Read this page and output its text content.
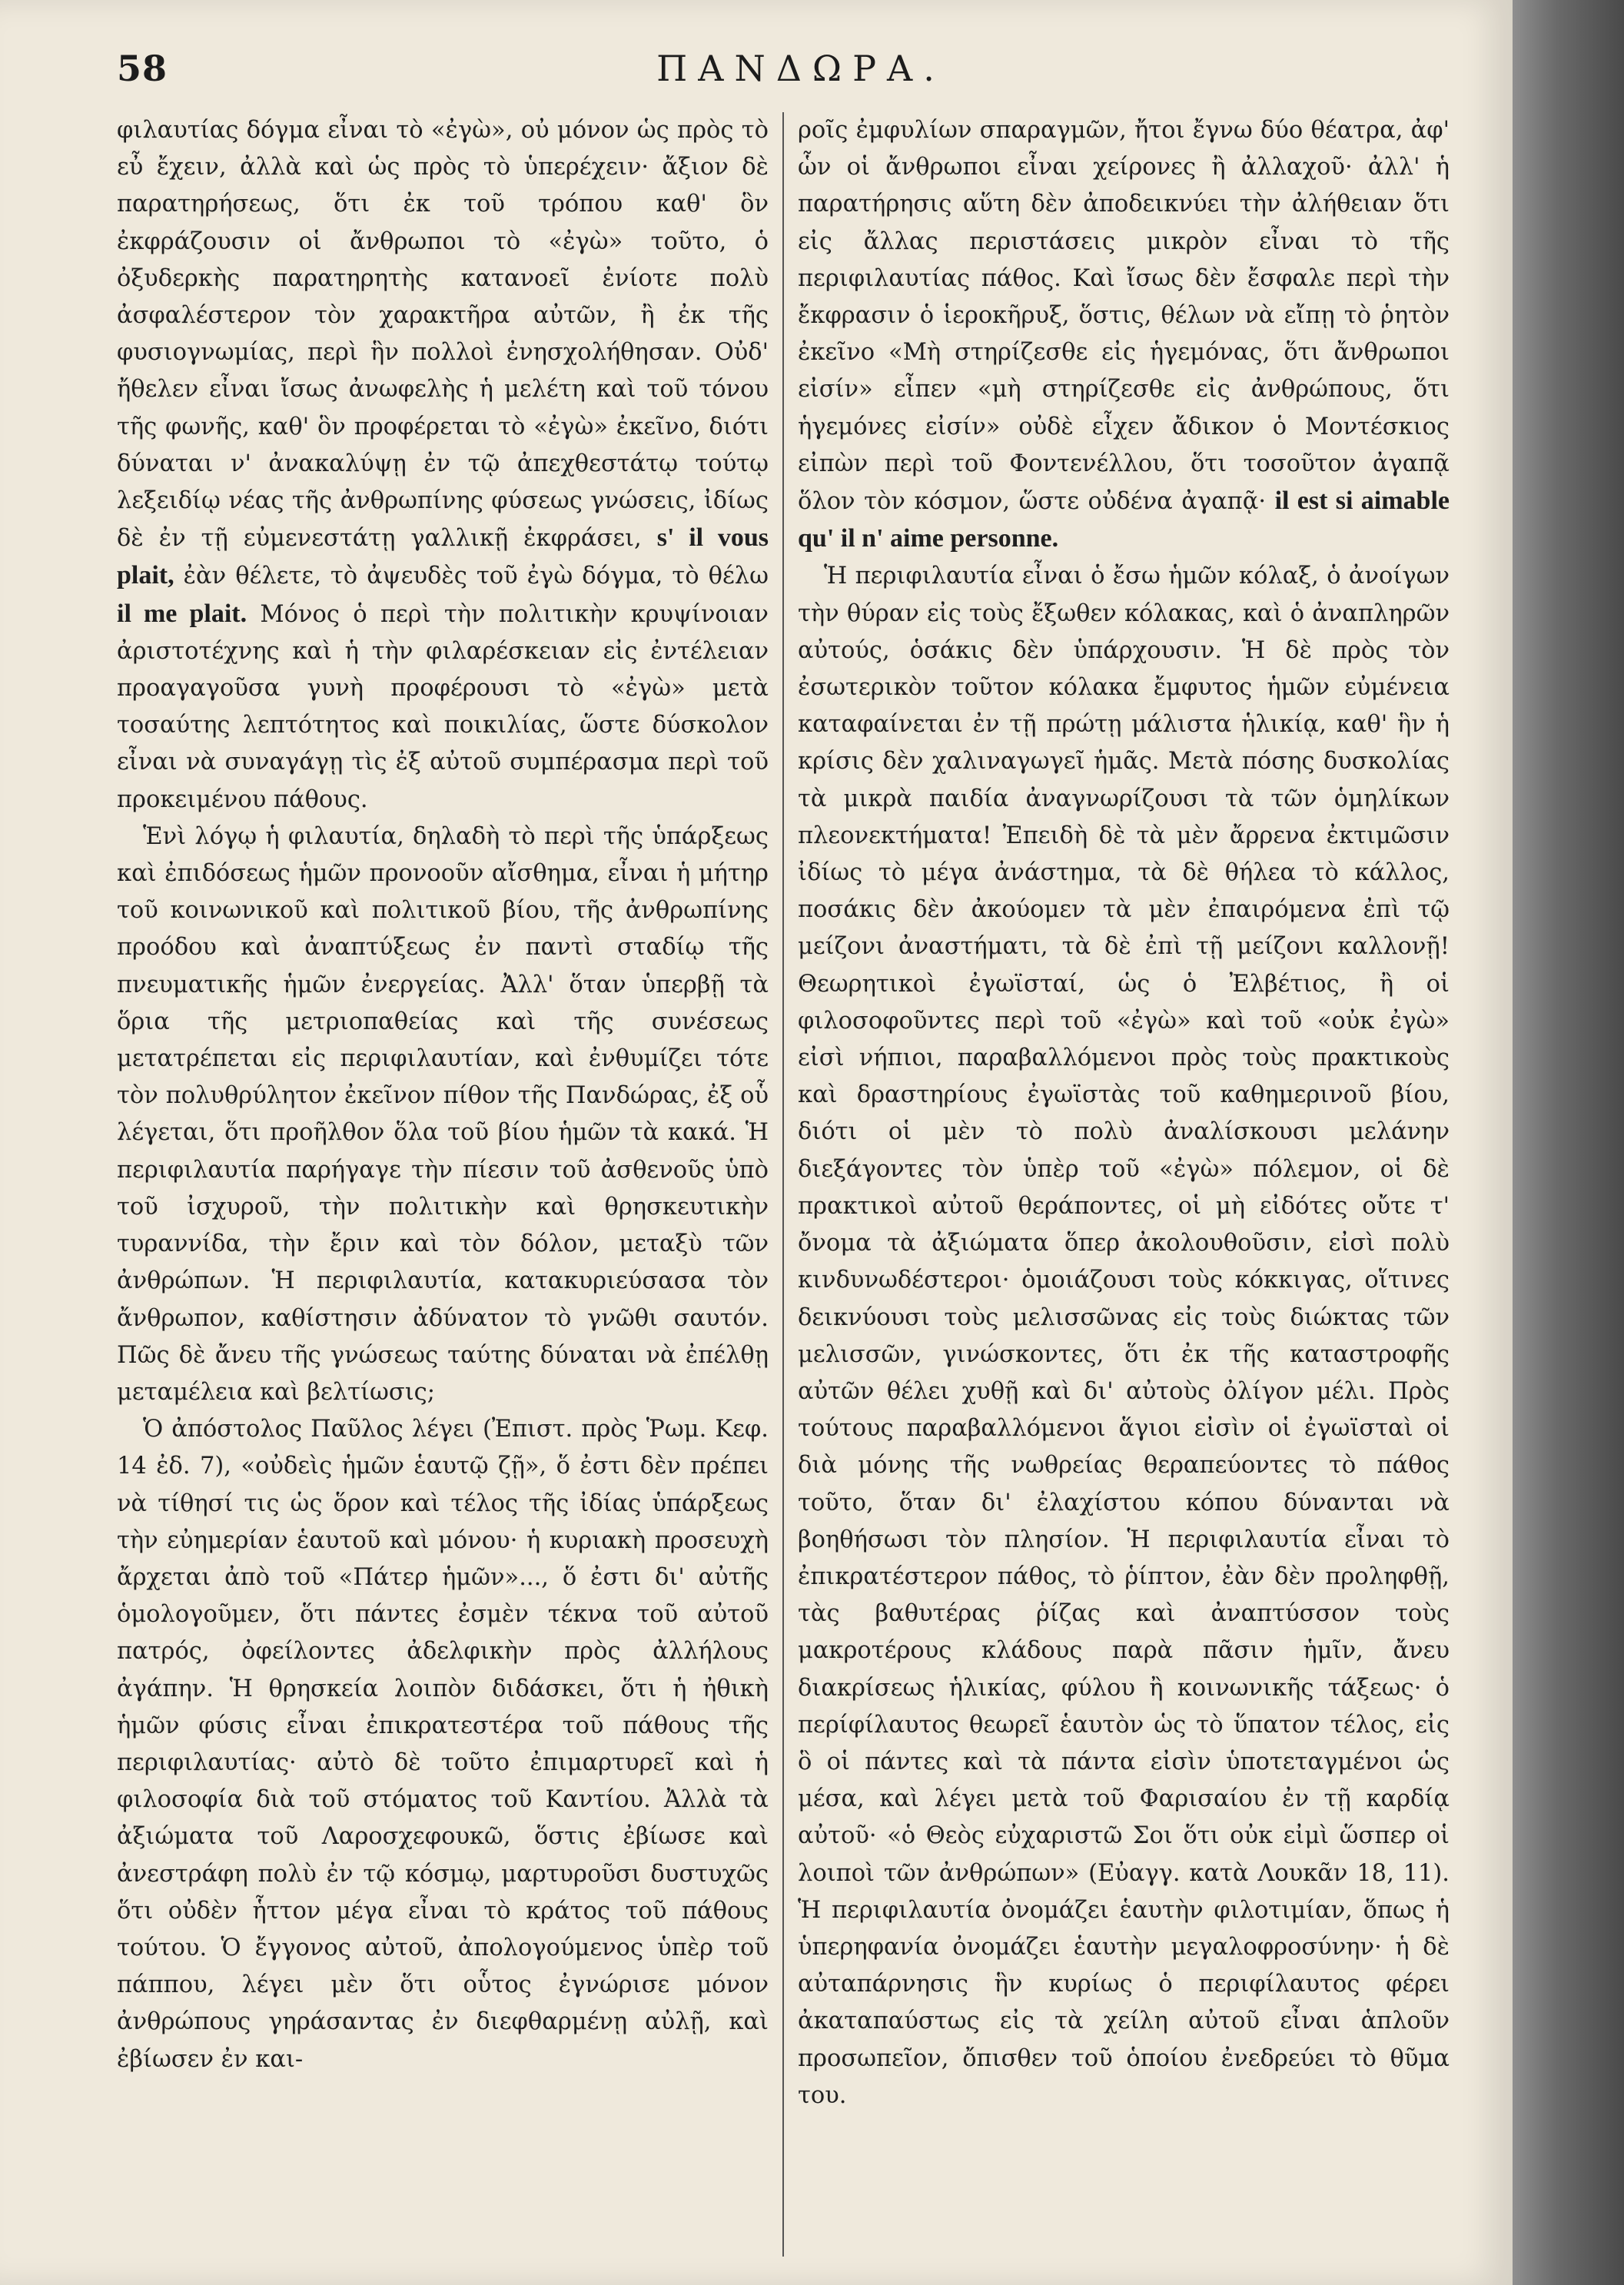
58	ΠΑΝΔΩΡΑ.

φιλαυτίας δόγμα εἶναι τὸ «ἐγὼ», οὐ μόνον ὡς πρὸς τὸ εὖ ἔχειν, ἀλλὰ καὶ ὡς πρὸς τὸ ὑπερέχειν· ἄξιον δὲ παρατηρήσεως, ὅτι ἐκ τοῦ τρόπου καθ' ὃν ἐκφράζουσιν οἱ ἄνθρωποι τὸ «ἐγὼ» τοῦτο, ὁ ὀξυδερκὴς παρατηρητὴς κατανοεῖ ἐνίοτε πολὺ ἀσφαλέστερον τὸν χαρακτῆρα αὐτῶν, ἢ ἐκ τῆς φυσιογνωμίας, περὶ ἣν πολλοὶ ἐνησχολήθησαν. Οὐδ' ἤθελεν εἶναι ἴσως ἀνωφελὴς ἡ μελέτη καὶ τοῦ τόνου τῆς φωνῆς, καθ' ὃν προφέρεται τὸ «ἐγὼ» ἐκεῖνο, διότι δύναται ν' ἀνακαλύψῃ ἐν τῷ ἀπεχθεστάτῳ τούτῳ λεξειδίῳ νέας τῆς ἀνθρωπίνης φύσεως γνώσεις, ἰδίως δὲ ἐν τῇ εὐμενεστάτῃ γαλλικῇ ἐκφράσει, s' il vous plait, ἐὰν θέλετε, τὸ ἀψευδὲς τοῦ ἐγὼ δόγμα, τὸ θέλω il me plait. Μόνος ὁ περὶ τὴν πολιτικὴν κρυψίνοιαν ἀριστοτέχνης καὶ ἡ τὴν φιλαρέσκειαν εἰς ἐντέλειαν προαγαγοῦσα γυνὴ προφέρουσι τὸ «ἐγὼ» μετὰ τοσαύτης λεπτότητος καὶ ποικιλίας, ὥστε δύσκολον εἶναι νὰ συναγάγῃ τὶς ἐξ αὐτοῦ συμπέρασμα περὶ τοῦ προκειμένου πάθους.

Ἑνὶ λόγῳ ἡ φιλαυτία, δηλαδὴ τὸ περὶ τῆς ὑπάρξεως καὶ ἐπιδόσεως ἡμῶν προνοοῦν αἴσθημα, εἶναι ἡ μήτηρ τοῦ κοινωνικοῦ καὶ πολιτικοῦ βίου, τῆς ἀνθρωπίνης προόδου καὶ ἀναπτύξεως ἐν παντὶ σταδίῳ τῆς πνευματικῆς ἡμῶν ἐνεργείας. Ἀλλ' ὅταν ὑπερβῇ τὰ ὅρια τῆς μετριοπαθείας καὶ τῆς συνέσεως μετατρέπεται εἰς περιφιλαυτίαν, καὶ ἐνθυμίζει τότε τὸν πολυθρύλητον ἐκεῖνον πίθον τῆς Πανδώρας, ἐξ οὗ λέγεται, ὅτι προῆλθον ὅλα τοῦ βίου ἡμῶν τὰ κακά. Ἡ περιφιλαυτία παρήγαγε τὴν πίεσιν τοῦ ἀσθενοῦς ὑπὸ τοῦ ἰσχυροῦ, τὴν πολιτικὴν καὶ θρησκευτικὴν τυραννίδα, τὴν ἔριν καὶ τὸν δόλον, μεταξὺ τῶν ἀνθρώπων. Ἡ περιφιλαυτία, κατακυριεύσασα τὸν ἄνθρωπον, καθίστησιν ἀδύνατον τὸ γνῶθι σαυτόν. Πῶς δὲ ἄνευ τῆς γνώσεως ταύτης δύναται νὰ ἐπέλθῃ μεταμέλεια καὶ βελτίωσις;

Ὁ ἀπόστολος Παῦλος λέγει (Ἐπιστ. πρὸς Ῥωμ. Κεφ. 14 ἐδ. 7), «οὐδεὶς ἡμῶν ἑαυτῷ ζῇ», ὅ ἐστι δὲν πρέπει νὰ τίθησί τις ὡς ὅρον καὶ τέλος τῆς ἰδίας ὑπάρξεως τὴν εὐημερίαν ἑαυτοῦ καὶ μόνου· ἡ κυριακὴ προσευχὴ ἄρχεται ἀπὸ τοῦ «Πάτερ ἡμῶν»..., ὅ ἐστι δι' αὐτῆς ὁμολογοῦμεν, ὅτι πάντες ἐσμὲν τέκνα τοῦ αὐτοῦ πατρός, ὀφείλοντες ἀδελφικὴν πρὸς ἀλλήλους ἀγάπην. Ἡ θρησκεία λοιπὸν διδάσκει, ὅτι ἡ ἠθικὴ ἡμῶν φύσις εἶναι ἐπικρατεστέρα τοῦ πάθους τῆς περιφιλαυτίας· αὐτὸ δὲ τοῦτο ἐπιμαρτυρεῖ καὶ ἡ φιλοσοφία διὰ τοῦ στόματος τοῦ Καντίου. Ἀλλὰ τὰ ἀξιώματα τοῦ Λαροσχεφουκῶ, ὅστις ἐβίωσε καὶ ἀνεστράφη πολὺ ἐν τῷ κόσμῳ, μαρτυροῦσι δυστυχῶς ὅτι οὐδὲν ἧττον μέγα εἶναι τὸ κράτος τοῦ πάθους τούτου. Ὁ ἔγγονος αὐτοῦ, ἀπολογούμενος ὑπὲρ τοῦ πάππου, λέγει μὲν ὅτι οὗτος ἐγνώρισε μόνον ἀνθρώπους γηράσαντας ἐν διεφθαρμένῃ αὐλῇ, καὶ ἐβίωσεν ἐν και-

ροῖς ἐμφυλίων σπαραγμῶν, ἤτοι ἔγνω δύο θέατρα, ἀφ' ὧν οἱ ἄνθρωποι εἶναι χείρονες ἢ ἀλλαχοῦ· ἀλλ' ἡ παρατήρησις αὕτη δὲν ἀποδεικνύει τὴν ἀλήθειαν ὅτι εἰς ἄλλας περιστάσεις μικρὸν εἶναι τὸ τῆς περιφιλαυτίας πάθος. Καὶ ἴσως δὲν ἔσφαλε περὶ τὴν ἔκφρασιν ὁ ἱεροκῆρυξ, ὅστις, θέλων νὰ εἴπῃ τὸ ῥητὸν ἐκεῖνο «Μὴ στηρίζεσθε εἰς ἡγεμόνας, ὅτι ἄνθρωποι εἰσίν» εἶπεν «μὴ στηρίζεσθε εἰς ἀνθρώπους, ὅτι ἡγεμόνες εἰσίν» οὐδὲ εἶχεν ἄδικον ὁ Μοντέσκιος εἰπὼν περὶ τοῦ Φοντενέλλου, ὅτι τοσοῦτον ἀγαπᾷ ὅλον τὸν κόσμον, ὥστε οὐδένα ἀγαπᾷ· il est si aimable qu' il n' aime personne.

Ἡ περιφιλαυτία εἶναι ὁ ἔσω ἡμῶν κόλαξ, ὁ ἀνοίγων τὴν θύραν εἰς τοὺς ἔξωθεν κόλακας, καὶ ὁ ἀναπληρῶν αὐτούς, ὁσάκις δὲν ὑπάρχουσιν. Ἡ δὲ πρὸς τὸν ἐσωτερικὸν τοῦτον κόλακα ἔμφυτος ἡμῶν εὐμένεια καταφαίνεται ἐν τῇ πρώτῃ μάλιστα ἡλικίᾳ, καθ' ἣν ἡ κρίσις δὲν χαλιναγωγεῖ ἡμᾶς. Μετὰ πόσης δυσκολίας τὰ μικρὰ παιδία ἀναγνωρίζουσι τὰ τῶν ὁμηλίκων πλεονεκτήματα! Ἐπειδὴ δὲ τὰ μὲν ἄρρενα ἐκτιμῶσιν ἰδίως τὸ μέγα ἀνάστημα, τὰ δὲ θήλεα τὸ κάλλος, ποσάκις δὲν ἀκούομεν τὰ μὲν ἐπαιρόμενα ἐπὶ τῷ μείζονι ἀναστήματι, τὰ δὲ ἐπὶ τῇ μείζονι καλλονῇ! Θεωρητικοὶ ἐγωϊσταί, ὡς ὁ Ἐλβέτιος, ἢ οἱ φιλοσοφοῦντες περὶ τοῦ «ἐγὼ» καὶ τοῦ «οὐκ ἐγὼ» εἰσὶ νήπιοι, παραβαλλόμενοι πρὸς τοὺς πρακτικοὺς καὶ δραστηρίους ἐγωϊστὰς τοῦ καθημερινοῦ βίου, διότι οἱ μὲν τὸ πολὺ ἀναλίσκουσι μελάνην διεξάγοντες τὸν ὑπὲρ τοῦ «ἐγὼ» πόλεμον, οἱ δὲ πρακτικοὶ αὐτοῦ θεράποντες, οἱ μὴ εἰδότες οὔτε τ' ὄνομα τὰ ἀξιώματα ὅπερ ἀκολουθοῦσιν, εἰσὶ πολὺ κινδυνωδέστεροι· ὁμοιάζουσι τοὺς κόκκιγας, οἵτινες δεικνύουσι τοὺς μελισσῶνας εἰς τοὺς διώκτας τῶν μελισσῶν, γινώσκοντες, ὅτι ἐκ τῆς καταστροφῆς αὐτῶν θέλει χυθῇ καὶ δι' αὐτοὺς ὀλίγον μέλι. Πρὸς τούτους παραβαλλόμενοι ἅγιοι εἰσὶν οἱ ἐγωϊσταὶ οἱ διὰ μόνης τῆς νωθρείας θεραπεύοντες τὸ πάθος τοῦτο, ὅταν δι' ἐλαχίστου κόπου δύνανται νὰ βοηθήσωσι τὸν πλησίον. Ἡ περιφιλαυτία εἶναι τὸ ἐπικρατέστερον πάθος, τὸ ῥίπτον, ἐὰν δὲν προληφθῇ, τὰς βαθυτέρας ῥίζας καὶ ἀναπτύσσον τοὺς μακροτέρους κλάδους παρὰ πᾶσιν ἡμῖν, ἄνευ διακρίσεως ἡλικίας, φύλου ἢ κοινωνικῆς τάξεως· ὁ περίφίλαυτος θεωρεῖ ἑαυτὸν ὡς τὸ ὕπατον τέλος, εἰς ὃ οἱ πάντες καὶ τὰ πάντα εἰσὶν ὑποτεταγμένοι ὡς μέσα, καὶ λέγει μετὰ τοῦ Φαρισαίου ἐν τῇ καρδίᾳ αὐτοῦ· «ὁ Θεὸς εὐχαριστῶ Σοι ὅτι οὐκ εἰμὶ ὥσπερ οἱ λοιποὶ τῶν ἀνθρώπων» (Εὐαγγ. κατὰ Λουκᾶν 18, 11). Ἡ περιφιλαυτία ὀνομάζει ἑαυτὴν φιλοτιμίαν, ὅπως ἡ ὑπερηφανία ὀνομάζει ἑαυτὴν μεγαλοφροσύνην· ἡ δὲ αὐταπάρνησις ἣν κυρίως ὁ περιφίλαυτος φέρει ἀκαταπαύστως εἰς τὰ χείλη αὐτοῦ εἶναι ἁπλοῦν προσωπεῖον, ὄπισθεν τοῦ ὁποίου ἐνεδρεύει τὸ θῦμα του.
